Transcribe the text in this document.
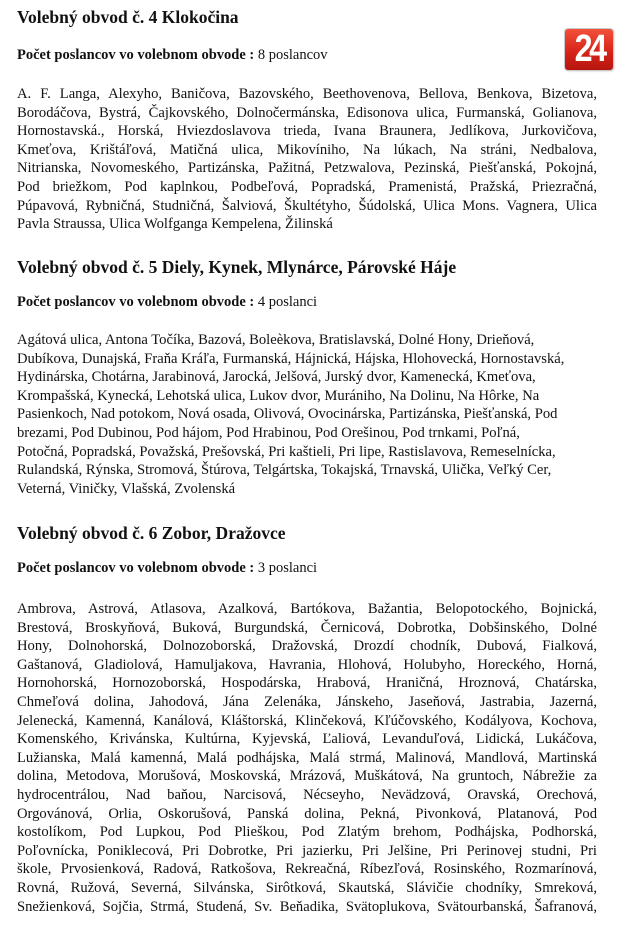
24
Volebný obvod č. 4 Klokočina

Počet poslancov vo volebnom obvode : 8 poslancov

A. F. Langa, Alexyho, Baničova, Bazovského, Beethovenova, Bellova, Benkova, Bizetova,
Borodáčova, Bystrá, Čajkovského, Dolnočermánska, Edisonova ulica, Furmanská, Golianova,
Hornostavská., Horská, Hviezdoslavova trieda, Ivana Braunera, Jedlíkova, Jurkovičova,
Kmeťova, Krištáľová, Matičná ulica, Mikovíniho, Na lúkach, Na stráni, Nedbalova,
Nitrianska, Novomeského, Partizánska, Pažitná, Petzwalova, Pezinská, Piešťanská, Pokojná,
Pod briežkom, Pod kaplnkou, Podbeľová, Popradská, Pramenistá, Pražská, Priezračná,
Púpavová, Rybničná, Studničná, Šalviová, Škultétyho, Šúdolská, Ulica Mons. Vagnera, Ulica
Pavla Straussa, Ulica Wolfganga Kempelena, Žilinská
Volebný obvod č. 5 Diely, Kynek, Mlynárce, Párovské Háje

Počet poslancov vo volebnom obvode : 4 poslanci

Agátová ulica, Antona Točíka, Bazová, Boleèkova, Bratislavská, Dolné Hony, Drieňová,
Dubíkova, Dunajská, Fraňa Kráľa, Furmanská, Hájnická, Hájska, Hlohovecká, Hornostavská,
Hydinárska, Chotárna, Jarabinová, Jarocká, Jelšová, Jurský dvor, Kamenecká, Kmeťova,
Krompašská, Kynecká, Lehotská ulica, Lukov dvor, Murániho, Na Dolinu, Na Hôrke, Na
Pasienkoch, Nad potokom, Nová osada, Olivová, Ovocinárska, Partizánska, Piešťanská, Pod
brezami, Pod Dubinou, Pod hájom, Pod Hrabinou, Pod Orešinou, Pod trnkami, Poľná,
Potočná, Popradská, Považská, Prešovská, Pri kaštieli, Pri lipe, Rastislavova, Remeselnícka,
Rulandská, Rýnska, Stromová, Štúrova, Telgártska, Tokajská, Trnavská, Ulička, Veľký Cer,
Veterná, Viničky, Vlašská, Zvolenská
Volebný obvod č. 6 Zobor, Dražovce

Počet poslancov vo volebnom obvode : 3 poslanci

Ambrova, Astrová, Atlasova, Azalková, Bartókova, Bažantia, Belopotockého, Bojnická,
Brestová, Broskyňová, Buková, Burgundská, Černicová, Dobrotka, Dobšinského, Dolné
Hony, Dolnohorská, Dolnozoborská, Dražovská, Drozdí chodník, Dubová, Fialková,
Gaštanová, Gladiolová, Hamuljakova, Havrania, Hlohová, Holubyho, Horeckého, Horná,
Hornohorská, Hornozoborská, Hospodárska, Hrabová, Hraničná, Hroznová, Chatárska,
Chmeľová dolina, Jahodová, Jána Zelenáka, Jánskeho, Jaseňová, Jastrabia, Jazerná,
Jelenecká, Kamenná, Kanálová, Kláštorská, Klinčeková, Kľúčovského, Kodályova, Kochova,
Komenského, Krivánska, Kultúrna, Kyjevská, Ľaliová, Levanduľová, Lidická, Lukáčova,
Lužianska, Malá kamenná, Malá podhájska, Malá strmá, Malinová, Mandlová, Martinská
dolina, Metodova, Morušová, Moskovská, Mrázová, Muškátová, Na gruntoch, Nábrežie za
hydrocentrálou, Nad baňou, Narcisová, Nécseyho, Nevädzová, Oravská, Orechová,
Orgovánová, Orlia, Oskorušová, Panská dolina, Pekná, Pivonková, Platanová, Pod
kostolíkom, Pod Lupkou, Pod Plieškou, Pod Zlatým brehom, Podhájska, Podhorská,
Poľovnícka, Poniklecová, Pri Dobrotke, Pri jazierku, Pri Jelšine, Pri Perinovej studni, Pri
škole, Prvosienková, Radová, Ratkošova, Rekreačná, Ríbezľová, Rosinského, Rozmarínová,
Rovná, Ružová, Severná, Silvánska, Sirôtková, Skautská, Slávičie chodníky, Smreková,
Snežienková, Sojčia, Strmá, Studená, Sv. Beňadika, Svätoplukova, Svätourbanská, Šafranová,
